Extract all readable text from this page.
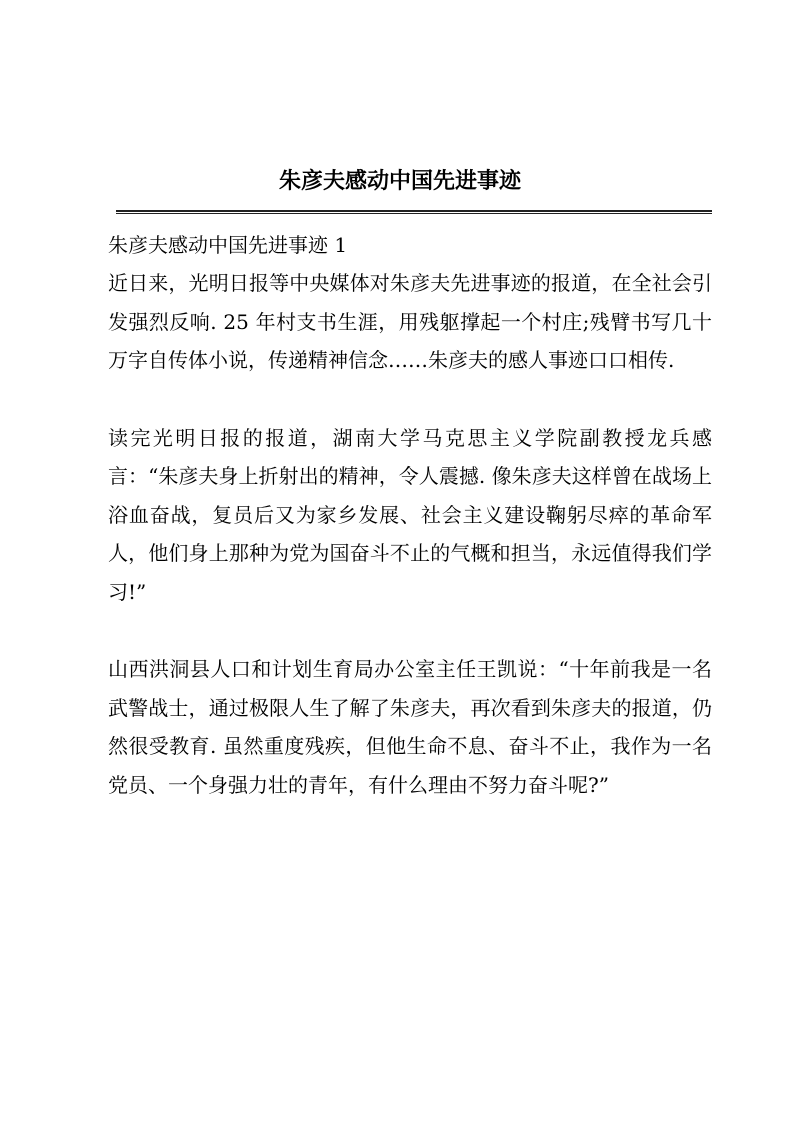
朱彦夫感动中国先进事迹

朱彦夫感动中国先进事迹 1

近日来，光明日报等中央媒体对朱彦夫先进事迹的报道，在全社会引发强烈反响. 25 年村支书生涯，用残躯撑起一个村庄;残臂书写几十万字自传体小说，传递精神信念……朱彦夫的感人事迹口口相传.

读完光明日报的报道，湖南大学马克思主义学院副教授龙兵感言：“朱彦夫身上折射出的精神，令人震撼. 像朱彦夫这样曾在战场上浴血奋战，复员后又为家乡发展、社会主义建设鞠躬尽瘁的革命军人，他们身上那种为党为国奋斗不止的气概和担当，永远值得我们学习!”

山西洪洞县人口和计划生育局办公室主任王凯说：“十年前我是一名武警战士，通过极限人生了解了朱彦夫，再次看到朱彦夫的报道，仍然很受教育. 虽然重度残疾，但他生命不息、奋斗不止，我作为一名党员、一个身强力壮的青年，有什么理由不努力奋斗呢?”
